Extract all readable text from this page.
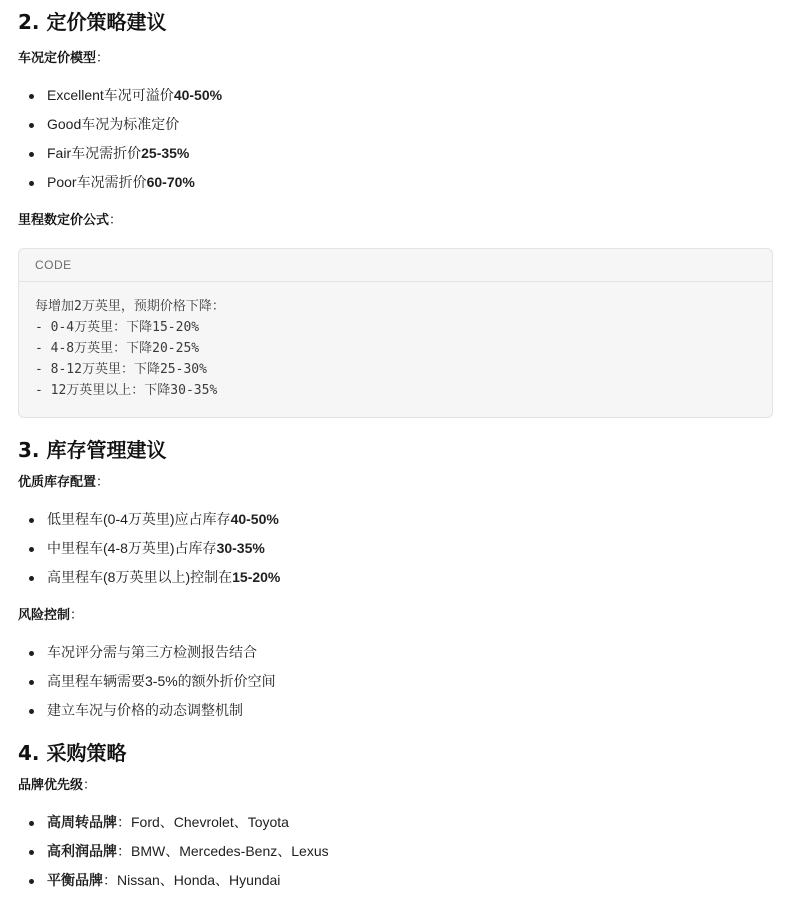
2. 定价策略建议

车况定价模型：

Excellent车况可溢价40-50%
Good车况为标准定价
Fair车况需折价25-35%
Poor车况需折价60-70%

里程数定价公式：

CODE
每增加2万英里，预期价格下降：
- 0-4万英里：下降15-20%
- 4-8万英里：下降20-25%
- 8-12万英里：下降25-30%
- 12万英里以上：下降30-35%
3. 库存管理建议

优质库存配置：

低里程车(0-4万英里)应占库存40-50%
中里程车(4-8万英里)占库存30-35%
高里程车(8万英里以上)控制在15-20%

风险控制：

车况评分需与第三方检测报告结合
高里程车辆需要3-5%的额外折价空间
建立车况与价格的动态调整机制
4. 采购策略

品牌优先级：

高周转品牌：Ford、Chevrolet、Toyota
高利润品牌：BMW、Mercedes-Benz、Lexus
平衡品牌：Nissan、Honda、Hyundai
